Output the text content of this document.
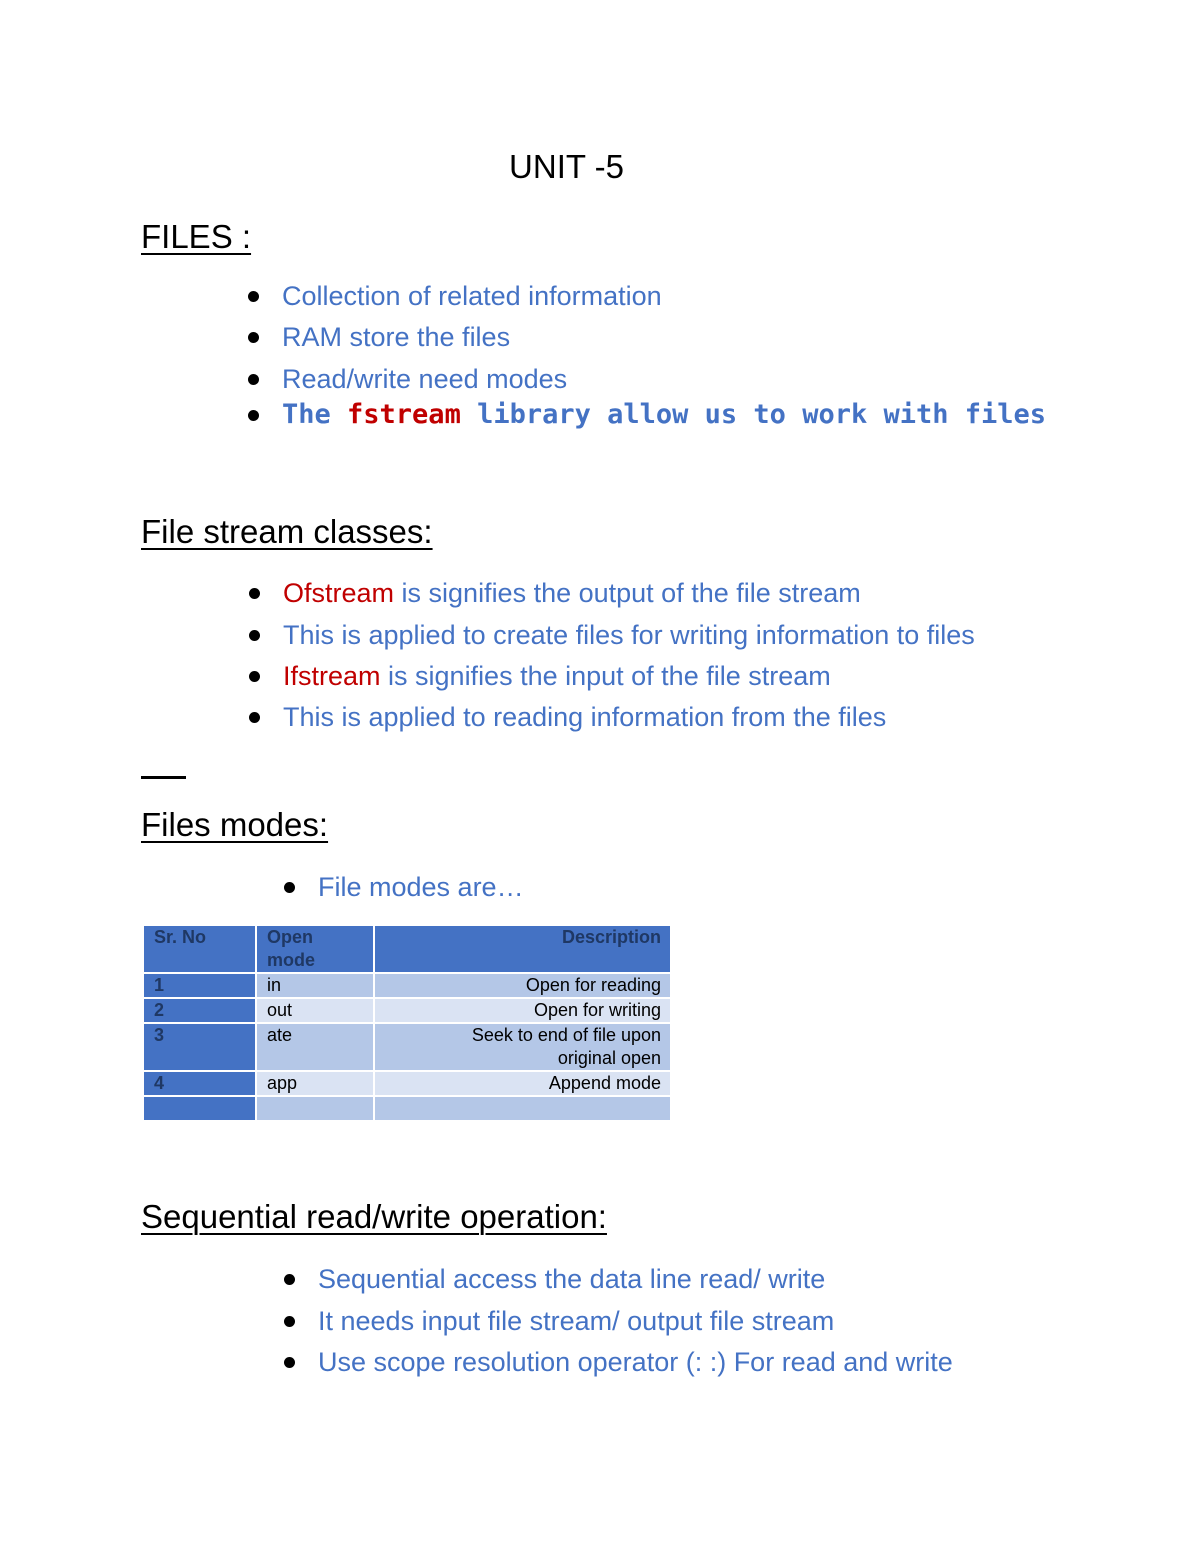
UNIT -5
FILES :
Collection of related information
RAM store the files
Read/write need modes
The fstream library allow us to work with files
File stream classes:
Ofstream is signifies the output of the file stream
This is applied to create files for writing information to files
Ifstream is signifies the input of the file stream
This is applied to reading information from the files
Files modes:
File modes are…
Sr. No	Open mode	Description
1	in	Open for reading
2	out	Open for writing
3	ate	Seek to end of file upon original open
4	app	Append mode

Sequential read/write operation:
Sequential access the data line read/ write
It needs input file stream/ output file stream
Use scope resolution operator (: :) For read and write
